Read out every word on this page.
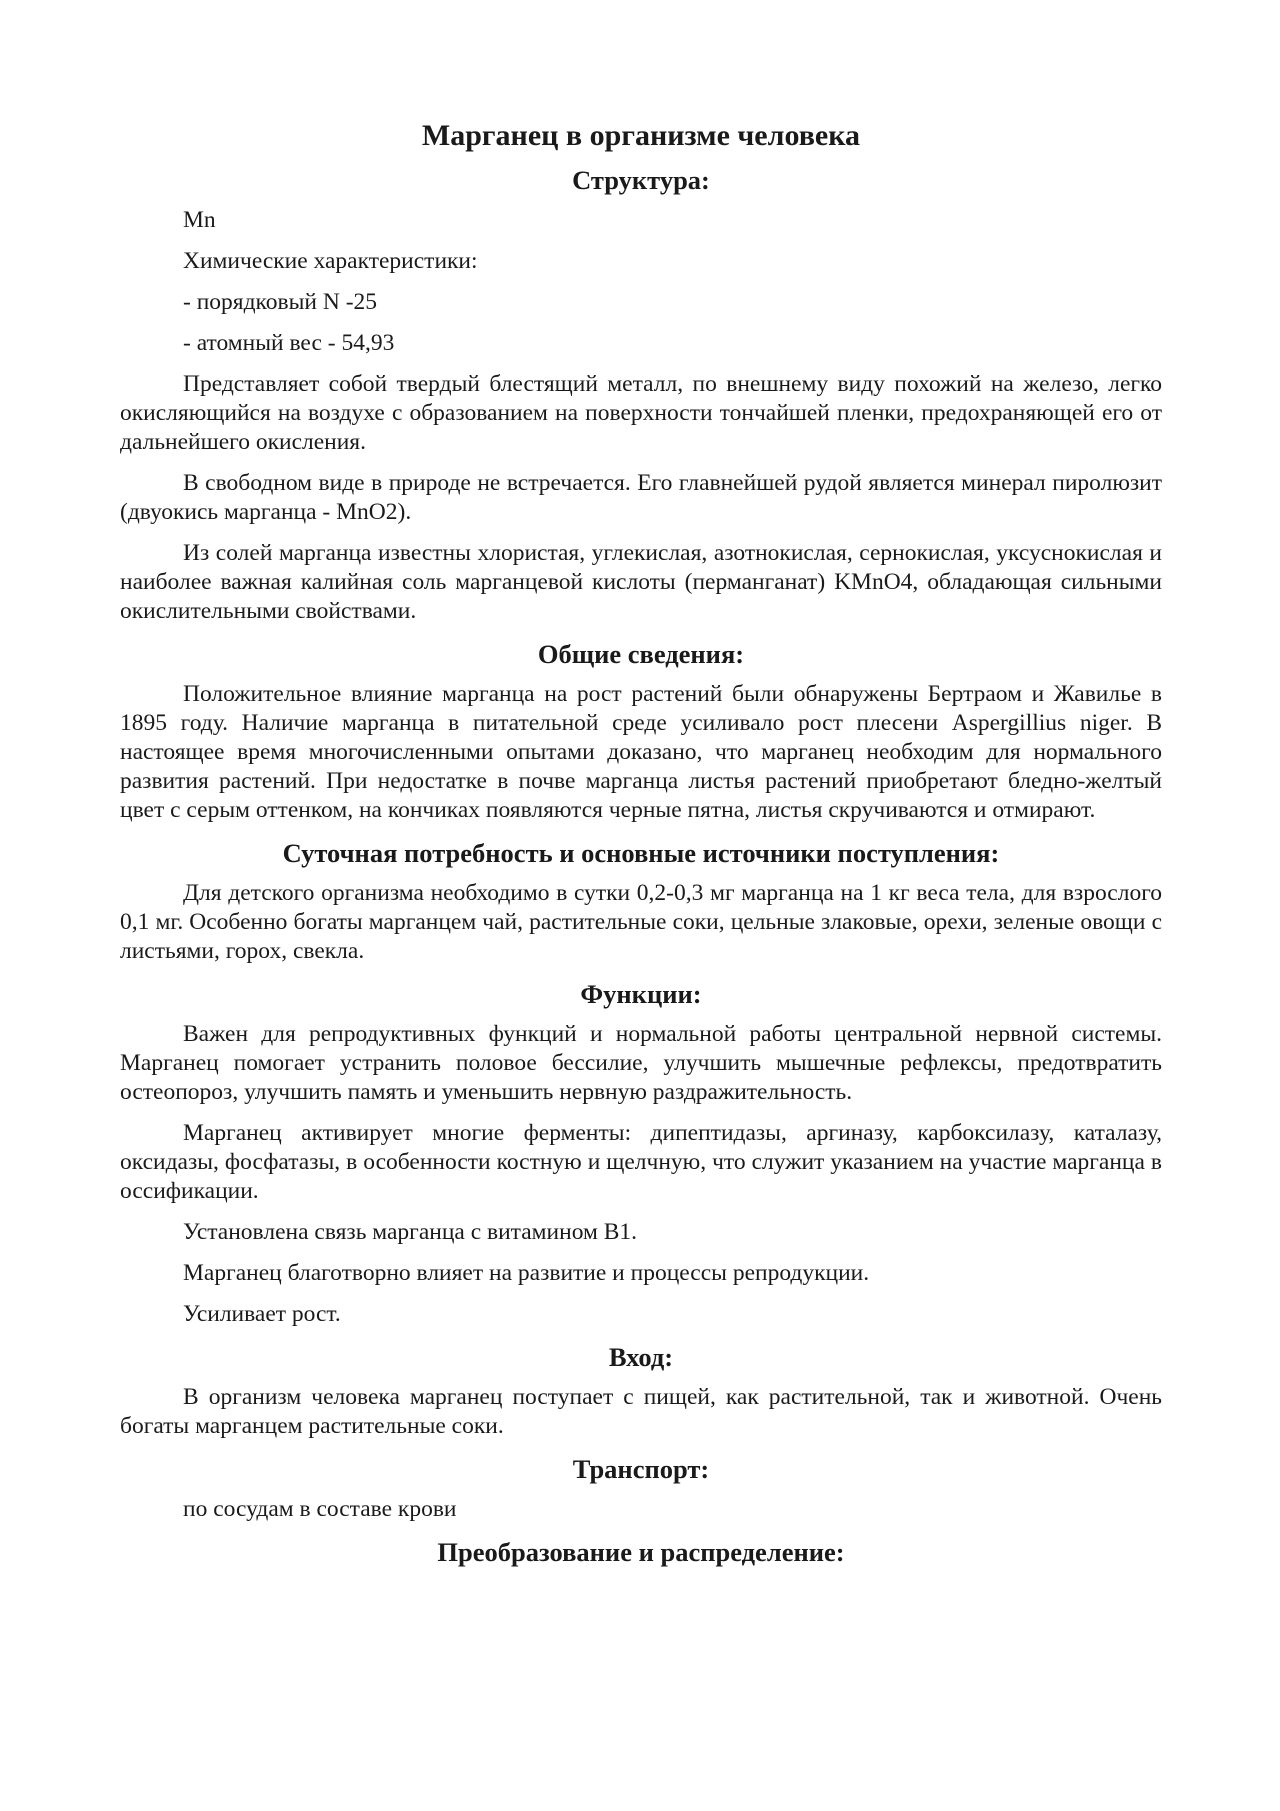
Марганец в организме человека
Структура:
Mn
Химические характеристики:
- порядковый N -25
- атомный вес - 54,93
Представляет собой твердый блестящий металл, по внешнему виду похожий на железо, легко окисляющийся на воздухе с образованием на поверхности тончайшей пленки, предохраняющей его от дальнейшего окисления.
В свободном виде в природе не встречается. Его главнейшей рудой является минерал пиролюзит (двуокись марганца - MnO2).
Из солей марганца известны хлористая, углекислая, азотнокислая, сернокислая, уксуснокислая и наиболее важная калийная соль марганцевой кислоты (перманганат) KMnO4, обладающая сильными окислительными свойствами.
Общие сведения:
Положительное влияние марганца на рост растений были обнаружены Бертраом и Жавилье в 1895 году. Наличие марганца в питательной среде усиливало рост плесени Aspergillius niger. В настоящее время многочисленными опытами доказано, что марганец необходим для нормального развития растений. При недостатке в почве марганца листья растений приобретают бледно-желтый цвет с серым оттенком, на кончиках появляются черные пятна, листья скручиваются и отмирают.
Суточная потребность и основные источники поступления:
Для детского организма необходимо в сутки 0,2-0,3 мг марганца на 1 кг веса тела, для взрослого 0,1 мг. Особенно богаты марганцем чай, растительные соки, цельные злаковые, орехи, зеленые овощи с листьями, горох, свекла.
Функции:
Важен для репродуктивных функций и нормальной работы центральной нервной системы. Марганец помогает устранить половое бессилие, улучшить мышечные рефлексы, предотвратить остеопороз, улучшить память и уменьшить нервную раздражительность.
Марганец активирует многие ферменты: дипептидазы, аргиназу, карбоксилазу, каталазу, оксидазы, фосфатазы, в особенности костную и щелчную, что служит указанием на участие марганца в оссификации.
Установлена связь марганца с витамином B1.
Марганец благотворно влияет на развитие и процессы репродукции.
Усиливает рост.
Вход:
В организм человека марганец поступает с пищей, как растительной, так и животной. Очень богаты марганцем растительные соки.
Транспорт:
по сосудам в составе крови
Преобразование и распределение:
